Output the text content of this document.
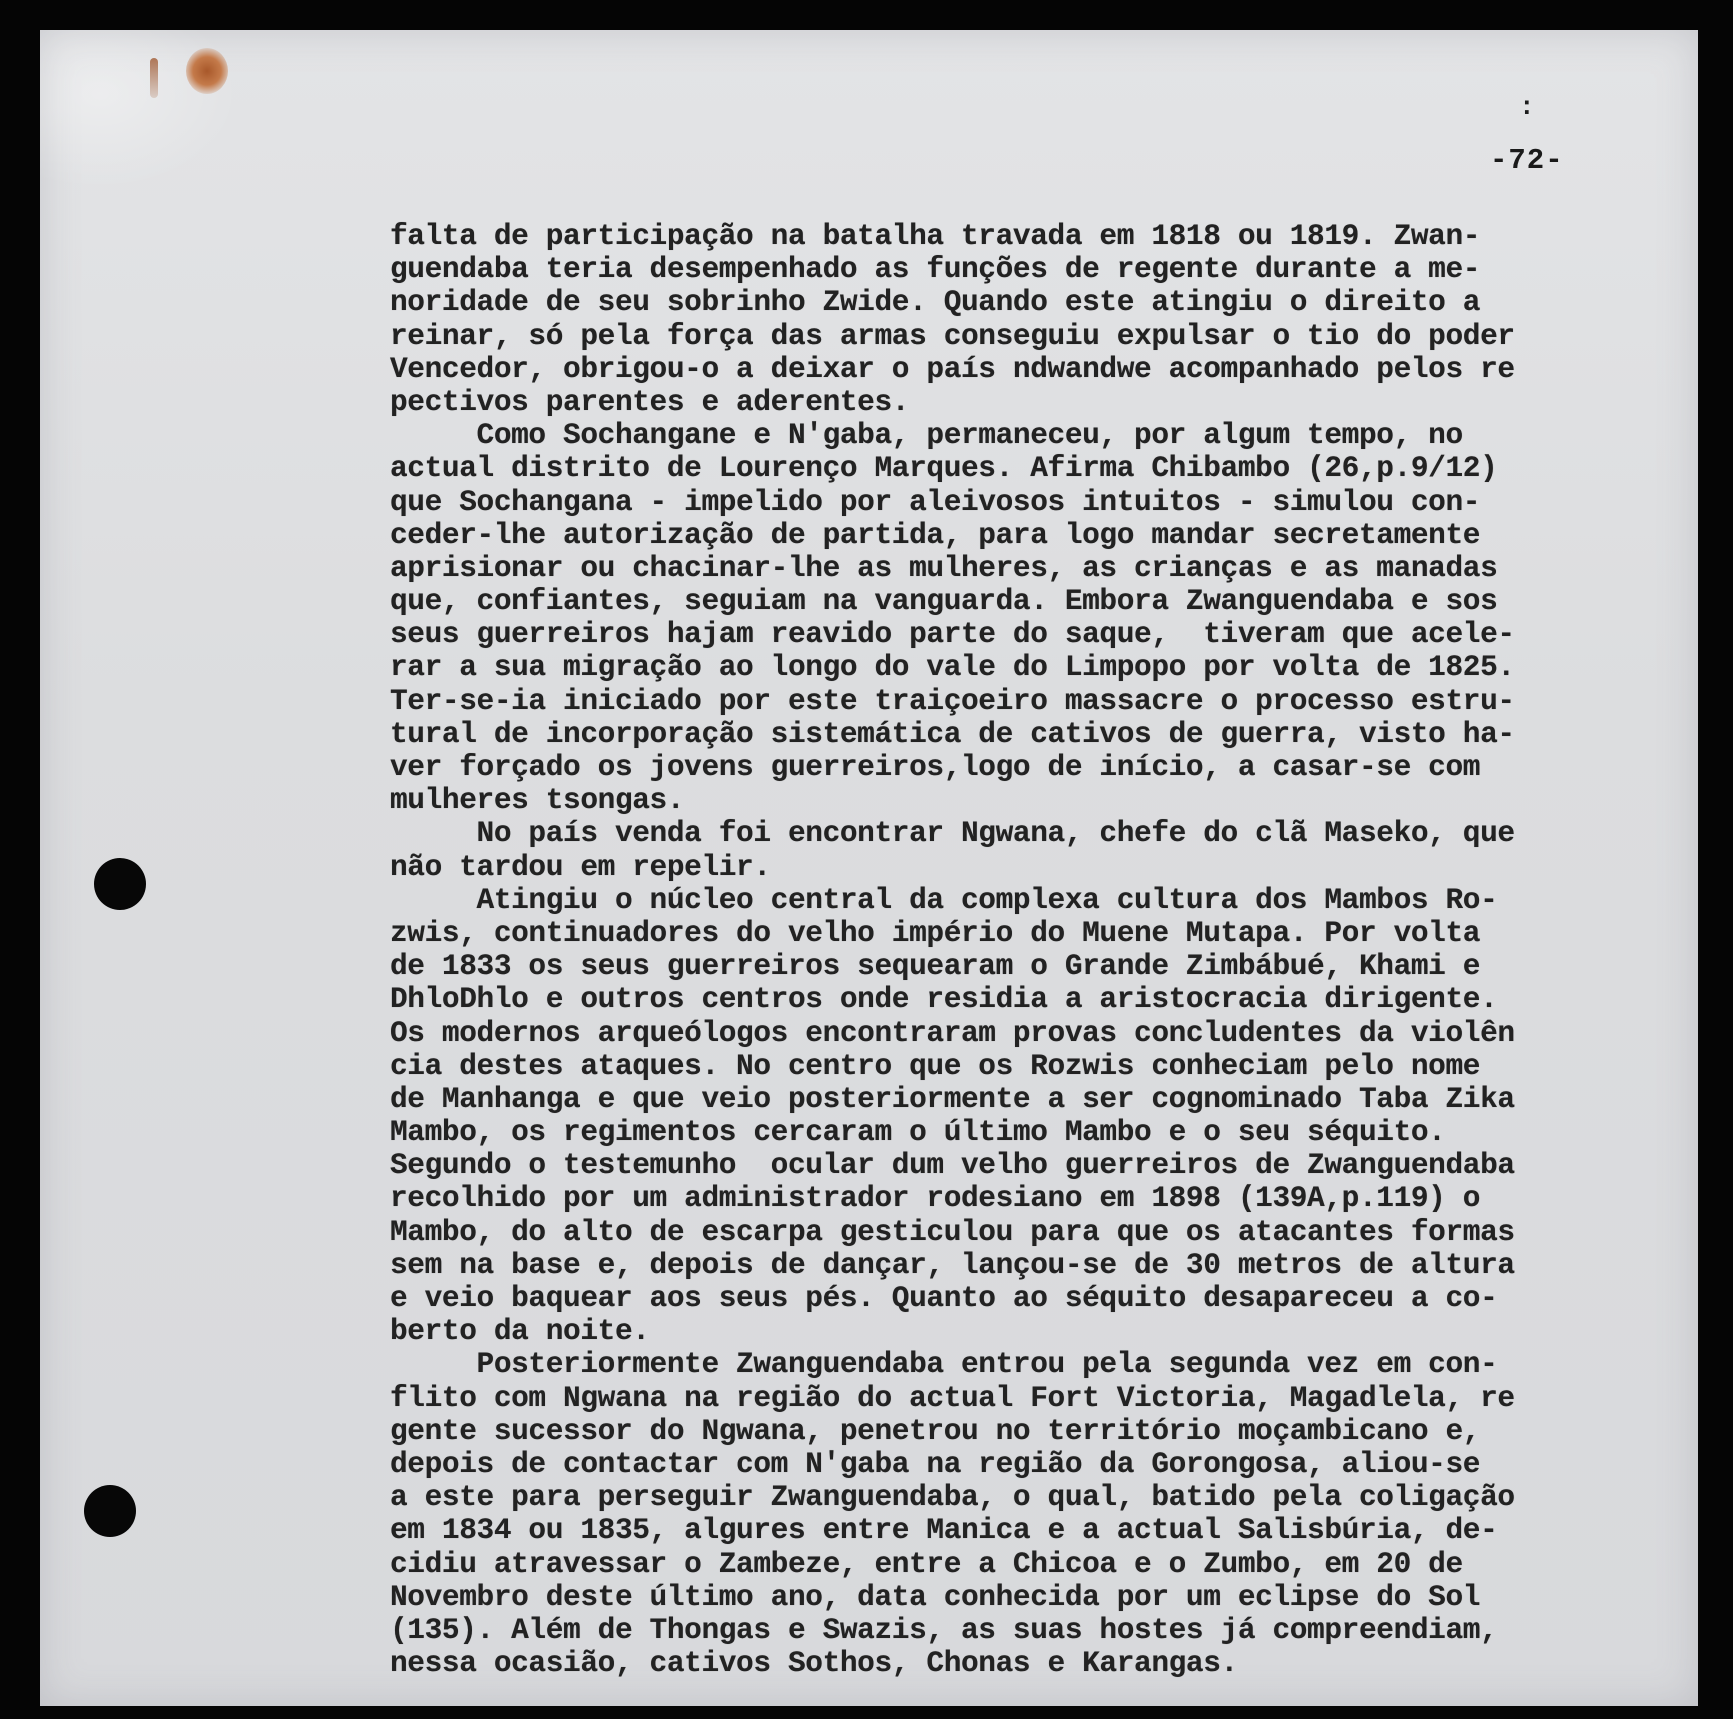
:
-72-
falta de participação na batalha travada em 1818 ou 1819. Zwan-
guendaba teria desempenhado as funções de regente durante a me-
noridade de seu sobrinho Zwide. Quando este atingiu o direito a
reinar, só pela força das armas conseguiu expulsar o tio do poder
Vencedor, obrigou-o a deixar o país ndwandwe acompanhado pelos re
pectivos parentes e aderentes.
Como Sochangane e N'gaba, permaneceu, por algum tempo, no
actual distrito de Lourenço Marques. Afirma Chibambo (26,p.9/12)
que Sochangana - impelido por aleivosos intuitos - simulou con-
ceder-lhe autorização de partida, para logo mandar secretamente
aprisionar ou chacinar-lhe as mulheres, as crianças e as manadas
que, confiantes, seguiam na vanguarda. Embora Zwanguendaba e sos
seus guerreiros hajam reavido parte do saque,  tiveram que acele-
rar a sua migração ao longo do vale do Limpopo por volta de 1825.
Ter-se-ia iniciado por este traiçoeiro massacre o processo estru-
tural de incorporação sistemática de cativos de guerra, visto ha-
ver forçado os jovens guerreiros,logo de início, a casar-se com
mulheres tsongas.
No país venda foi encontrar Ngwana, chefe do clã Maseko, que
não tardou em repelir.
Atingiu o núcleo central da complexa cultura dos Mambos Ro-
zwis, continuadores do velho império do Muene Mutapa. Por volta
de 1833 os seus guerreiros sequearam o Grande Zimbábué, Khami e
DhloDhlo e outros centros onde residia a aristocracia dirigente.
Os modernos arqueólogos encontraram provas concludentes da violên
cia destes ataques. No centro que os Rozwis conheciam pelo nome
de Manhanga e que veio posteriormente a ser cognominado Taba Zika
Mambo, os regimentos cercaram o último Mambo e o seu séquito.
Segundo o testemunho  ocular dum velho guerreiros de Zwanguendaba
recolhido por um administrador rodesiano em 1898 (139A,p.119) o
Mambo, do alto de escarpa gesticulou para que os atacantes formas
sem na base e, depois de dançar, lançou-se de 30 metros de altura
e veio baquear aos seus pés. Quanto ao séquito desapareceu a co-
berto da noite.
Posteriormente Zwanguendaba entrou pela segunda vez em con-
flito com Ngwana na região do actual Fort Victoria, Magadlela, re
gente sucessor do Ngwana, penetrou no território moçambicano e,
depois de contactar com N'gaba na região da Gorongosa, aliou-se
a este para perseguir Zwanguendaba, o qual, batido pela coligação
em 1834 ou 1835, algures entre Manica e a actual Salisbúria, de-
cidiu atravessar o Zambeze, entre a Chicoa e o Zumbo, em 20 de
Novembro deste último ano, data conhecida por um eclipse do Sol
(135). Além de Thongas e Swazis, as suas hostes já compreendiam,
nessa ocasião, cativos Sothos, Chonas e Karangas.
